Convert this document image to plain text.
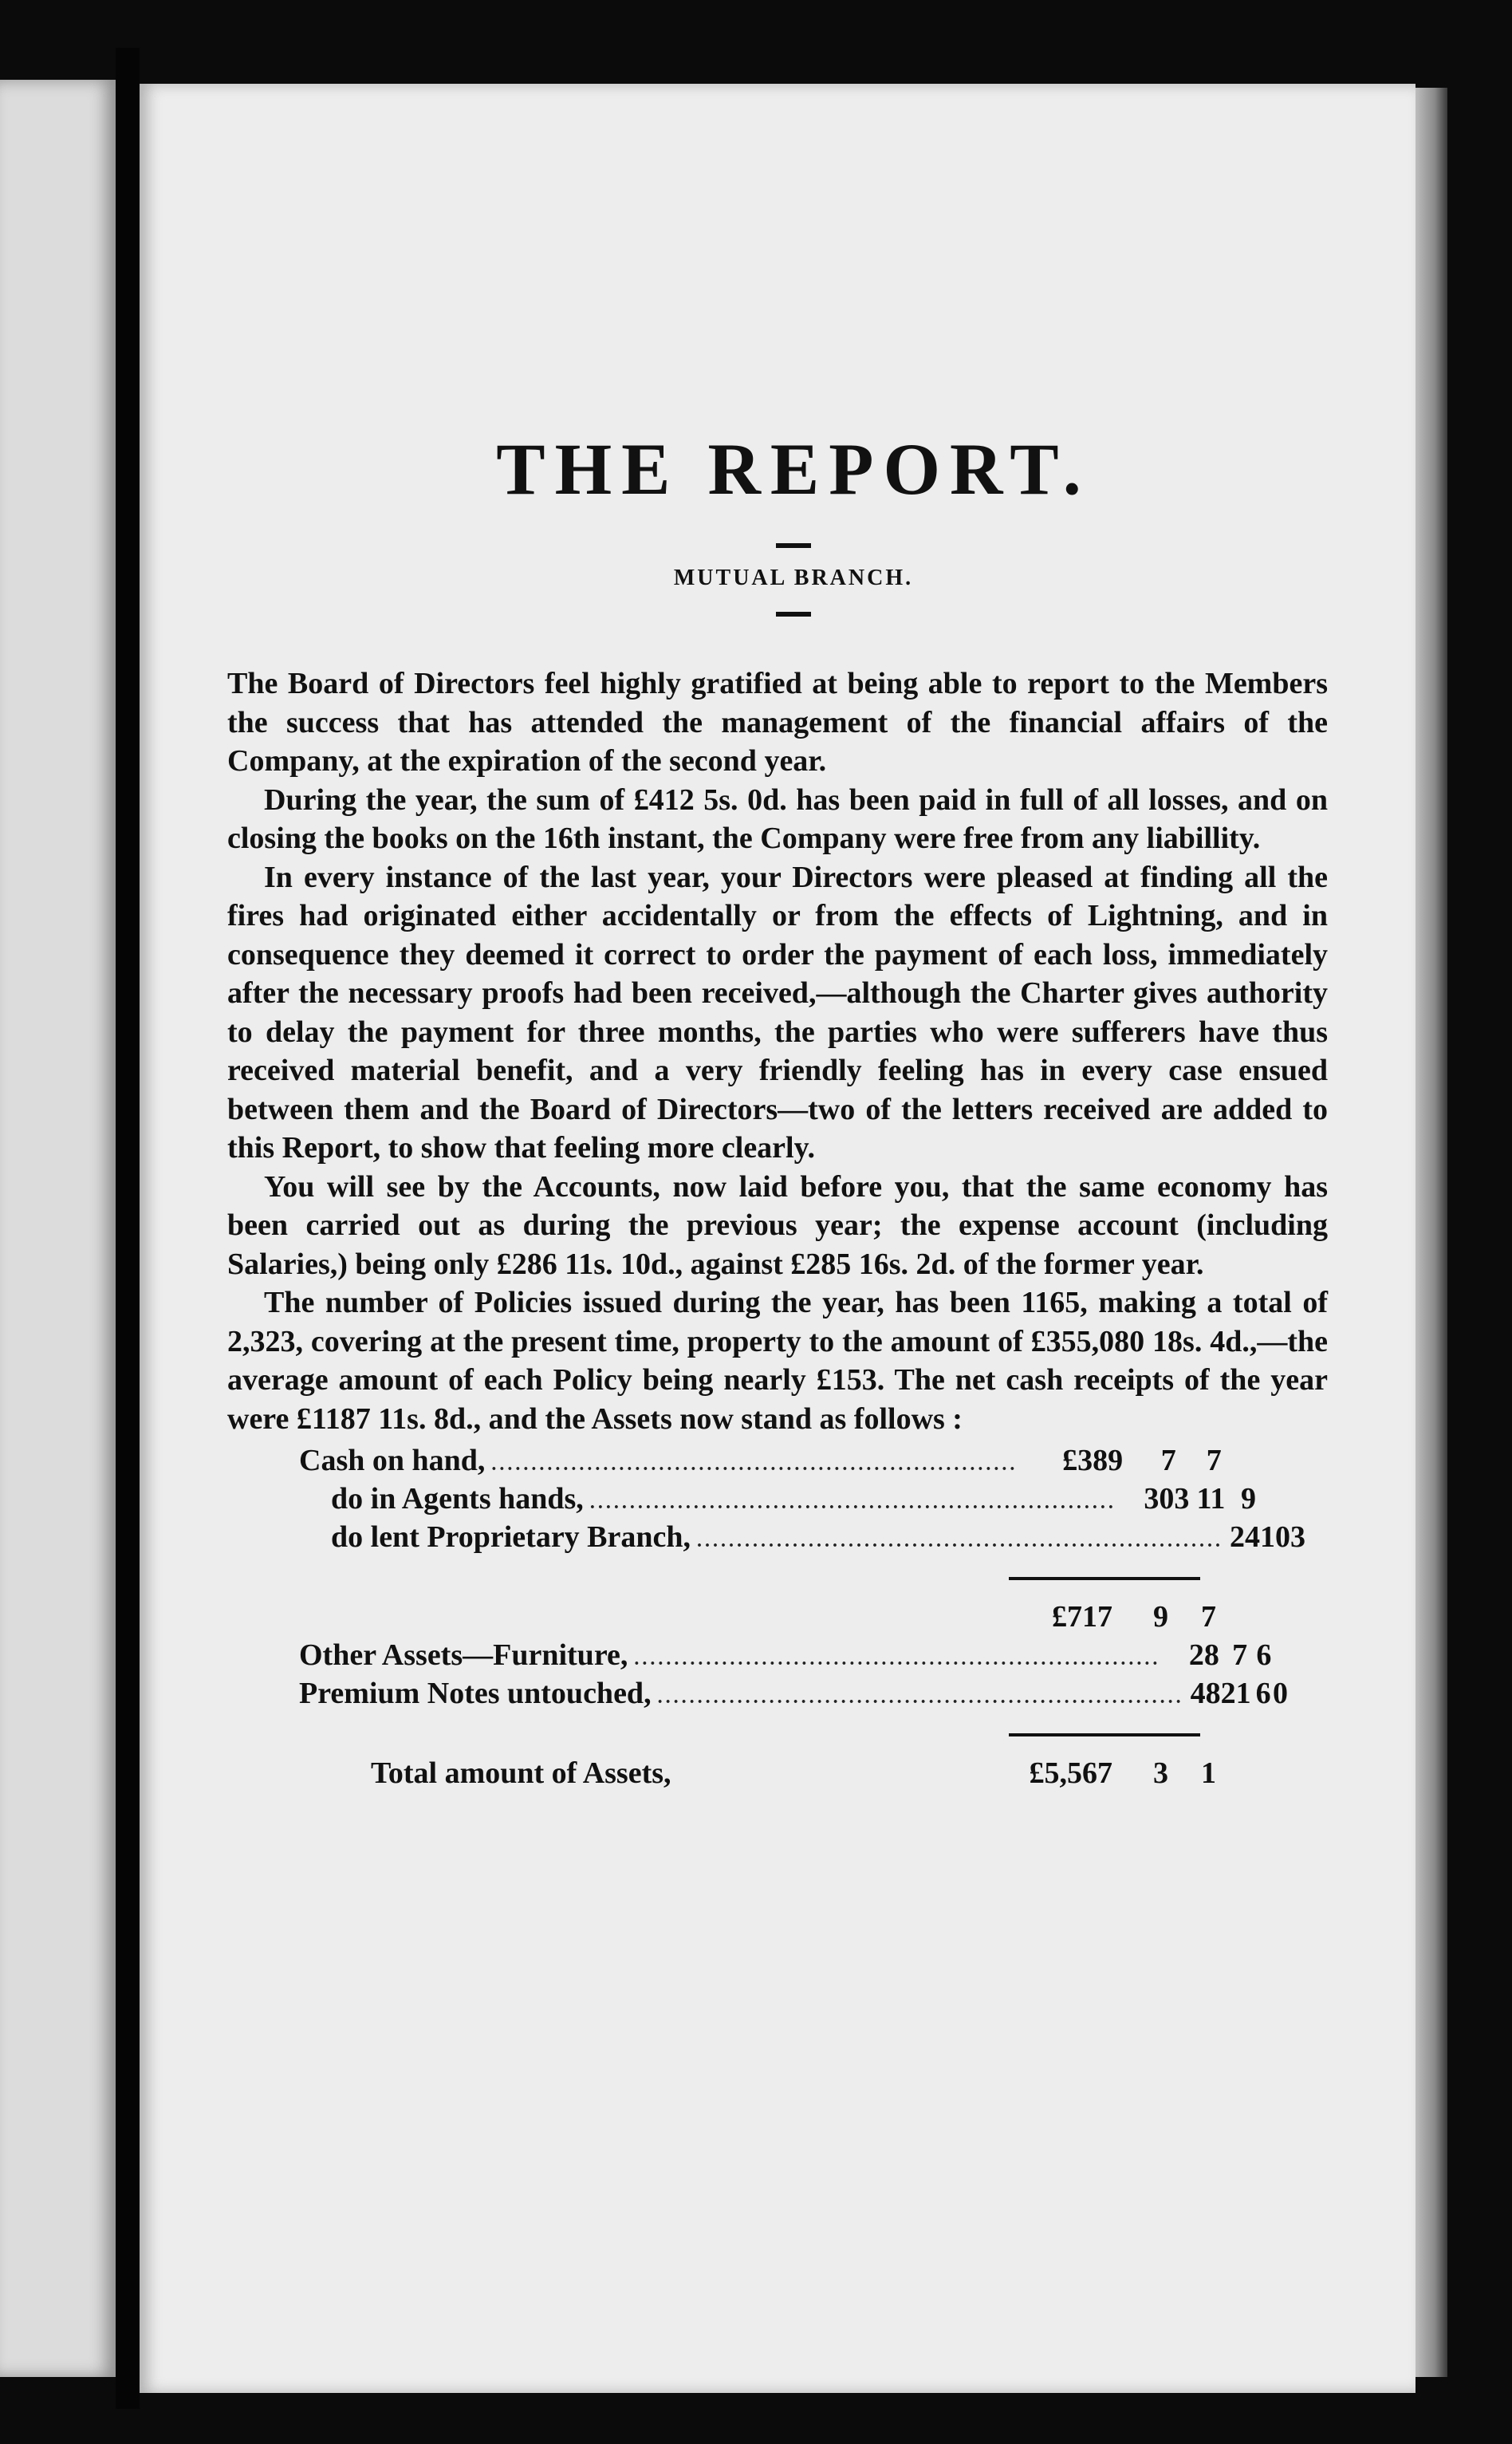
THE REPORT.
MUTUAL BRANCH.

The Board of Directors feel highly gratified at being able to report to the Members the success that has attended the management of the financial affairs of the Company, at the expiration of the second year.

During the year, the sum of £412 5s. 0d. has been paid in full of all losses, and on closing the books on the 16th instant, the Company were free from any liabillity.

In every instance of the last year, your Directors were pleased at finding all the fires had originated either accidentally or from the effects of Lightning, and in consequence they deemed it correct to order the payment of each loss, immediately after the necessary proofs had been received,—although the Charter gives authority to delay the payment for three months, the parties who were sufferers have thus received material benefit, and a very friendly feeling has in every case ensued between them and the Board of Directors—two of the letters received are added to this Report, to show that feeling more clearly.

You will see by the Accounts, now laid before you, that the same economy has been carried out as during the previous year; the expense account (including Salaries,) being only £286 11s. 10d., against £285 16s. 2d. of the former year.

The number of Policies issued during the year, has been 1165, making a total of 2,323, covering at the present time, property to the amount of £355,080 18s. 4d.,—the average amount of each Policy being nearly £153. The net cash receipts of the year were £1187 11s. 8d., and the Assets now stand as follows :

Cash on hand, ..................................................................	£389	7	7
do in Agents hands, .................................................................. 303 11 9
do lent Proprietary Branch, .................................................................. 24 10 3
£717	9	7
Other Assets—Furniture, .................................................................. 28 7 6
Premium Notes untouched, .................................................................. 4821 6 0
Total amount of Assets,	£5,567	3	1
